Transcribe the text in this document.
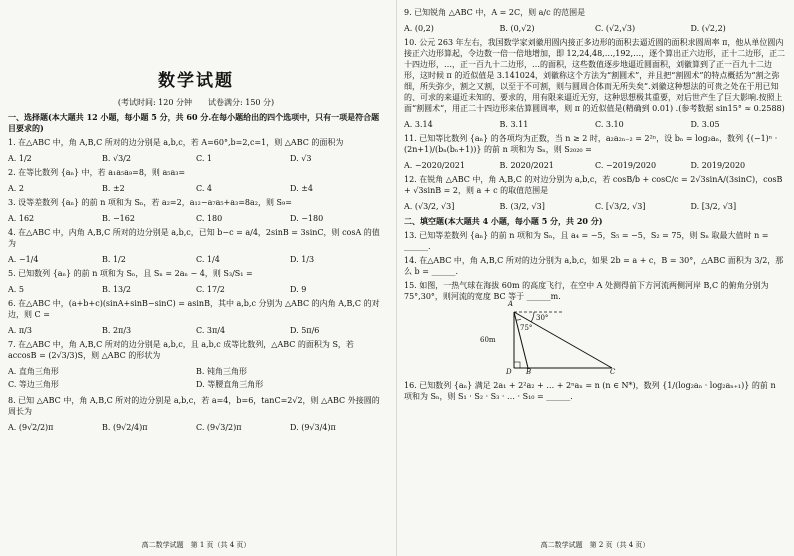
数学试题
(考试时间: 120 分钟　　试卷满分: 150 分)
一、选择题(本大题共 12 小题，每小题 5 分，共 60 分.在每小题给出的四个选项中，只有一项是符合题目要求的)
1. 在△ABC 中，角 A,B,C 所对的边分别是 a,b,c，若 A=60°,b=2,c=1，则 △ABC 的面积为
A. 1/2	B. √3/2	C. 1	D. √3
2. 在等比数列 {aₙ} 中，若 a₁a₅a₉=8，则 a₅a₃=
A. 2	B. ±2	C. 4	D. ±4
3. 设等差数列 {aₙ} 的前 n 项和为 Sₙ，若 a₂=2，a₁₂−a₇a₅+a₃=8a₂，则 S₉=
A. 162	B. −162	C. 180	D. −180
4. 在△ABC 中，内角 A,B,C 所对的边分别是 a,b,c，已知 b−c = a/4，2sinB = 3sinC，则 cosA 的值为
A. −1/4	B. 1/2	C. 1/4	D. 1/3
5. 已知数列 {aₙ} 的前 n 项和为 Sₙ，且 Sₙ = 2aₙ − 4，则 S₃/S₁ =
A. 5	B. 13/2	C. 17/2	D. 9
6. 在△ABC 中，(a+b+c)(sinA+sinB−sinC) = asinB，其中 a,b,c 分别为 △ABC 的内角 A,B,C 的对边，则 C =
A. π/3	B. 2π/3	C. 3π/4	D. 5π/6
7. 在△ABC 中，角 A,B,C 所对的边分别是 a,b,c，且 a,b,c 成等比数列，△ABC 的面积为 S，若 accosB = (2√3/3)S，则 △ABC 的形状为
A. 直角三角形	B. 钝角三角形
C. 等边三角形	D. 等腰直角三角形
8. 已知 △ABC 中，角 A,B,C 所对的边分别是 a,b,c，若 a=4，b=6，tanC=2√2，则 △ABC 外接圆的周长为
A. (9√2/2)π	B. (9√2/4)π	C. (9√3/2)π	D. (9√3/4)π
高二数学试题　第 1 页（共 4 页）
9. 已知锐角 △ABC 中，A = 2C，则 a/c 的范围是
A. (0,2)	B. (0,√2)	C. (√2,√3)	D. (√2,2)
10. 公元 263 年左右，我国数学家刘徽用圆内接正多边形的面积去逼近圆的面积求圆周率 π，他从单位圆内接正六边形算起，令边数一倍一倍地增加，即 12,24,48,…,192,…，逐个算出正六边形，正十二边形，正二十四边形，…，正一百九十二边形，…的面积，这些数值逐步地逼近圆面积，刘徽算到了正一百九十二边形，这时候 π 的近似值是 3.141024，刘徽称这个方法为“割圆术”，并且把“割圆术”的特点概括为“割之弥细，所失弥少，割之又割，以至于不可割，则与圆周合体而无所失矣”.刘徽这种想法的可贵之处在于用已知的、可求的来逼近未知的、要求的，用有限来逼近无穷，这种思想极其重要，对后世产生了巨大影响.按照上面“割圆术”，用正二十四边形来估算圆周率，则 π 的近似值是(精确到 0.01) .(参考数据 sin15° ≈ 0.2588)
A. 3.14	B. 3.11	C. 3.10	D. 3.05
11. 已知等比数列 {aₙ} 的各项均为正数，当 n ≥ 2 时，a₂a₂ₙ₋₂ = 2²ⁿ，设 bₙ = log₂aₙ，数列 {(−1)ⁿ · (2n+1)/(bₙ(bₙ+1))} 的前 n 项和为 Sₙ，则 S₂₀₂₀ =
A. −2020/2021	B. 2020/2021	C. −2019/2020	D. 2019/2020
12. 在锐角 △ABC 中，角 A,B,C 的对边分别为 a,b,c，若 cosB/b + cosC/c = 2√3sinA/(3sinC)，cosB + √3sinB = 2，则 a + c 的取值范围是
A. (√3/2, √3]	B. (3/2, √3]	C. [√3/2, √3]	D. [3/2, √3]
二、填空题(本大题共 4 小题，每小题 5 分，共 20 分)
13. 已知等差数列 {aₙ} 的前 n 项和为 Sₙ，且 a₄ = −5，S₅ = −5，S₂ = 75，则 Sₙ 取最大值时 n = ______.
14. 在△ABC 中，角 A,B,C 所对的边分别为 a,b,c，如果 2b = a + c，B = 30°，△ABC 面积为 3/2，那么 b = ______.
15. 如图，一热气球在海拔 60m 的高度飞行，在空中 A 处测得前下方河流两侧河岸 B,C 的俯角分别为 75°,30°，则河流的宽度 BC 等于 ______m.
A
D B	C
60m
30°
75°
16. 已知数列 {aₙ} 满足 2a₁ + 2²a₂ + … + 2ⁿaₙ = n (n ∈ N*)，数列 {1/(log₂aₙ · log₂aₙ₊₁)} 的前 n 项和为 Sₙ，则 S₁ · S₂ · S₃ · … · S₁₀ = ______.
高二数学试题　第 2 页（共 4 页）
